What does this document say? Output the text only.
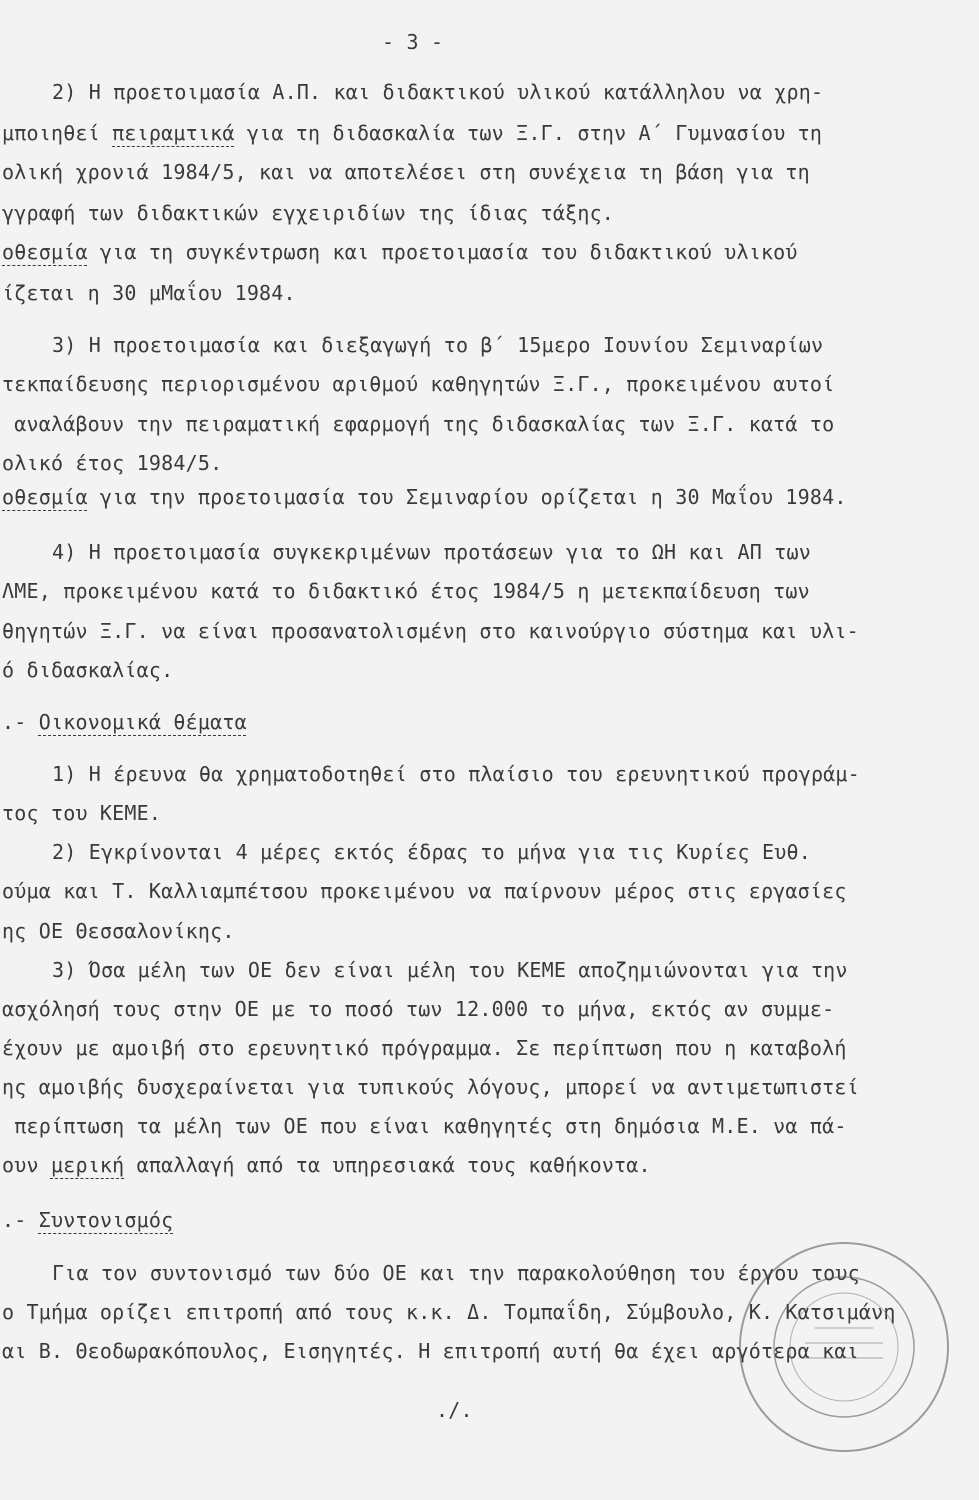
- 3 -
2) Η προετοιμασία Α.Π. και διδακτικού υλικού κατάλληλου να χρη-
μποιηθεί πειραμτικά για τη διδασκαλία των Ξ.Γ. στην Α΄ Γυμνασίου τη
ολική χρονιά 1984/5, και να αποτελέσει στη συνέχεια τη βάση για τη
γγραφή των διδακτικών εγχειριδίων της ίδιας τάξης.
οθεσμία για τη συγκέντρωση και προετοιμασία του διδακτικού υλικού
ίζεται η 30 μΜαΐου 1984.
3) Η προετοιμασία και διεξαγωγή το β΄ 15μερο Ιουνίου Σεμιναρίων
τεκπαίδευσης περιορισμένου αριθμού καθηγητών Ξ.Γ., προκειμένου αυτοί
αναλάβουν την πειραματική εφαρμογή της διδασκαλίας των Ξ.Γ. κατά το
ολικό έτος 1984/5.
οθεσμία για την προετοιμασία του Σεμιναρίου ορίζεται η 30 Μαΐου 1984.
4) Η προετοιμασία συγκεκριμένων προτάσεων για το ΩΗ και ΑΠ των
ΛΜΕ, προκειμένου κατά το διδακτικό έτος 1984/5 η μετεκπαίδευση των
θηγητών Ξ.Γ. να είναι προσανατολισμένη στο καινούργιο σύστημα και υλι-
ό διδασκαλίας.
.- Οικονομικά θέματα
1) Η έρευνα θα χρηματοδοτηθεί στο πλαίσιο του ερευνητικού προγράμ-
τος του ΚΕΜΕ.
2) Εγκρίνονται 4 μέρες εκτός έδρας το μήνα για τις Κυρίες Ευθ.
ούμα και Τ. Καλλιαμπέτσου προκειμένου να παίρνουν μέρος στις εργασίες
ης ΟΕ Θεσσαλονίκης.
3) Όσα μέλη των ΟΕ δεν είναι μέλη του ΚΕΜΕ αποζημιώνονται για την
ασχόλησή τους στην ΟΕ με το ποσό των 12.000 το μήνα, εκτός αν συμμε-
έχουν με αμοιβή στο ερευνητικό πρόγραμμα. Σε περίπτωση που η καταβολή
ης αμοιβής δυσχεραίνεται για τυπικούς λόγους, μπορεί να αντιμετωπιστεί
περίπτωση τα μέλη των ΟΕ που είναι καθηγητές στη δημόσια Μ.Ε. να πά-
ουν μερική απαλλαγή από τα υπηρεσιακά τους καθήκοντα.
.- Συντονισμός
Για τον συντονισμό των δύο ΟΕ και την παρακολούθηση του έργου τους
ο Τμήμα ορίζει επιτροπή από τους κ.κ. Δ. Τομπαΐδη, Σύμβουλο, Κ. Κατσιμάνη
αι Β. Θεοδωρακόπουλος, Εισηγητές. Η επιτροπή αυτή θα έχει αργότερα και
./.
